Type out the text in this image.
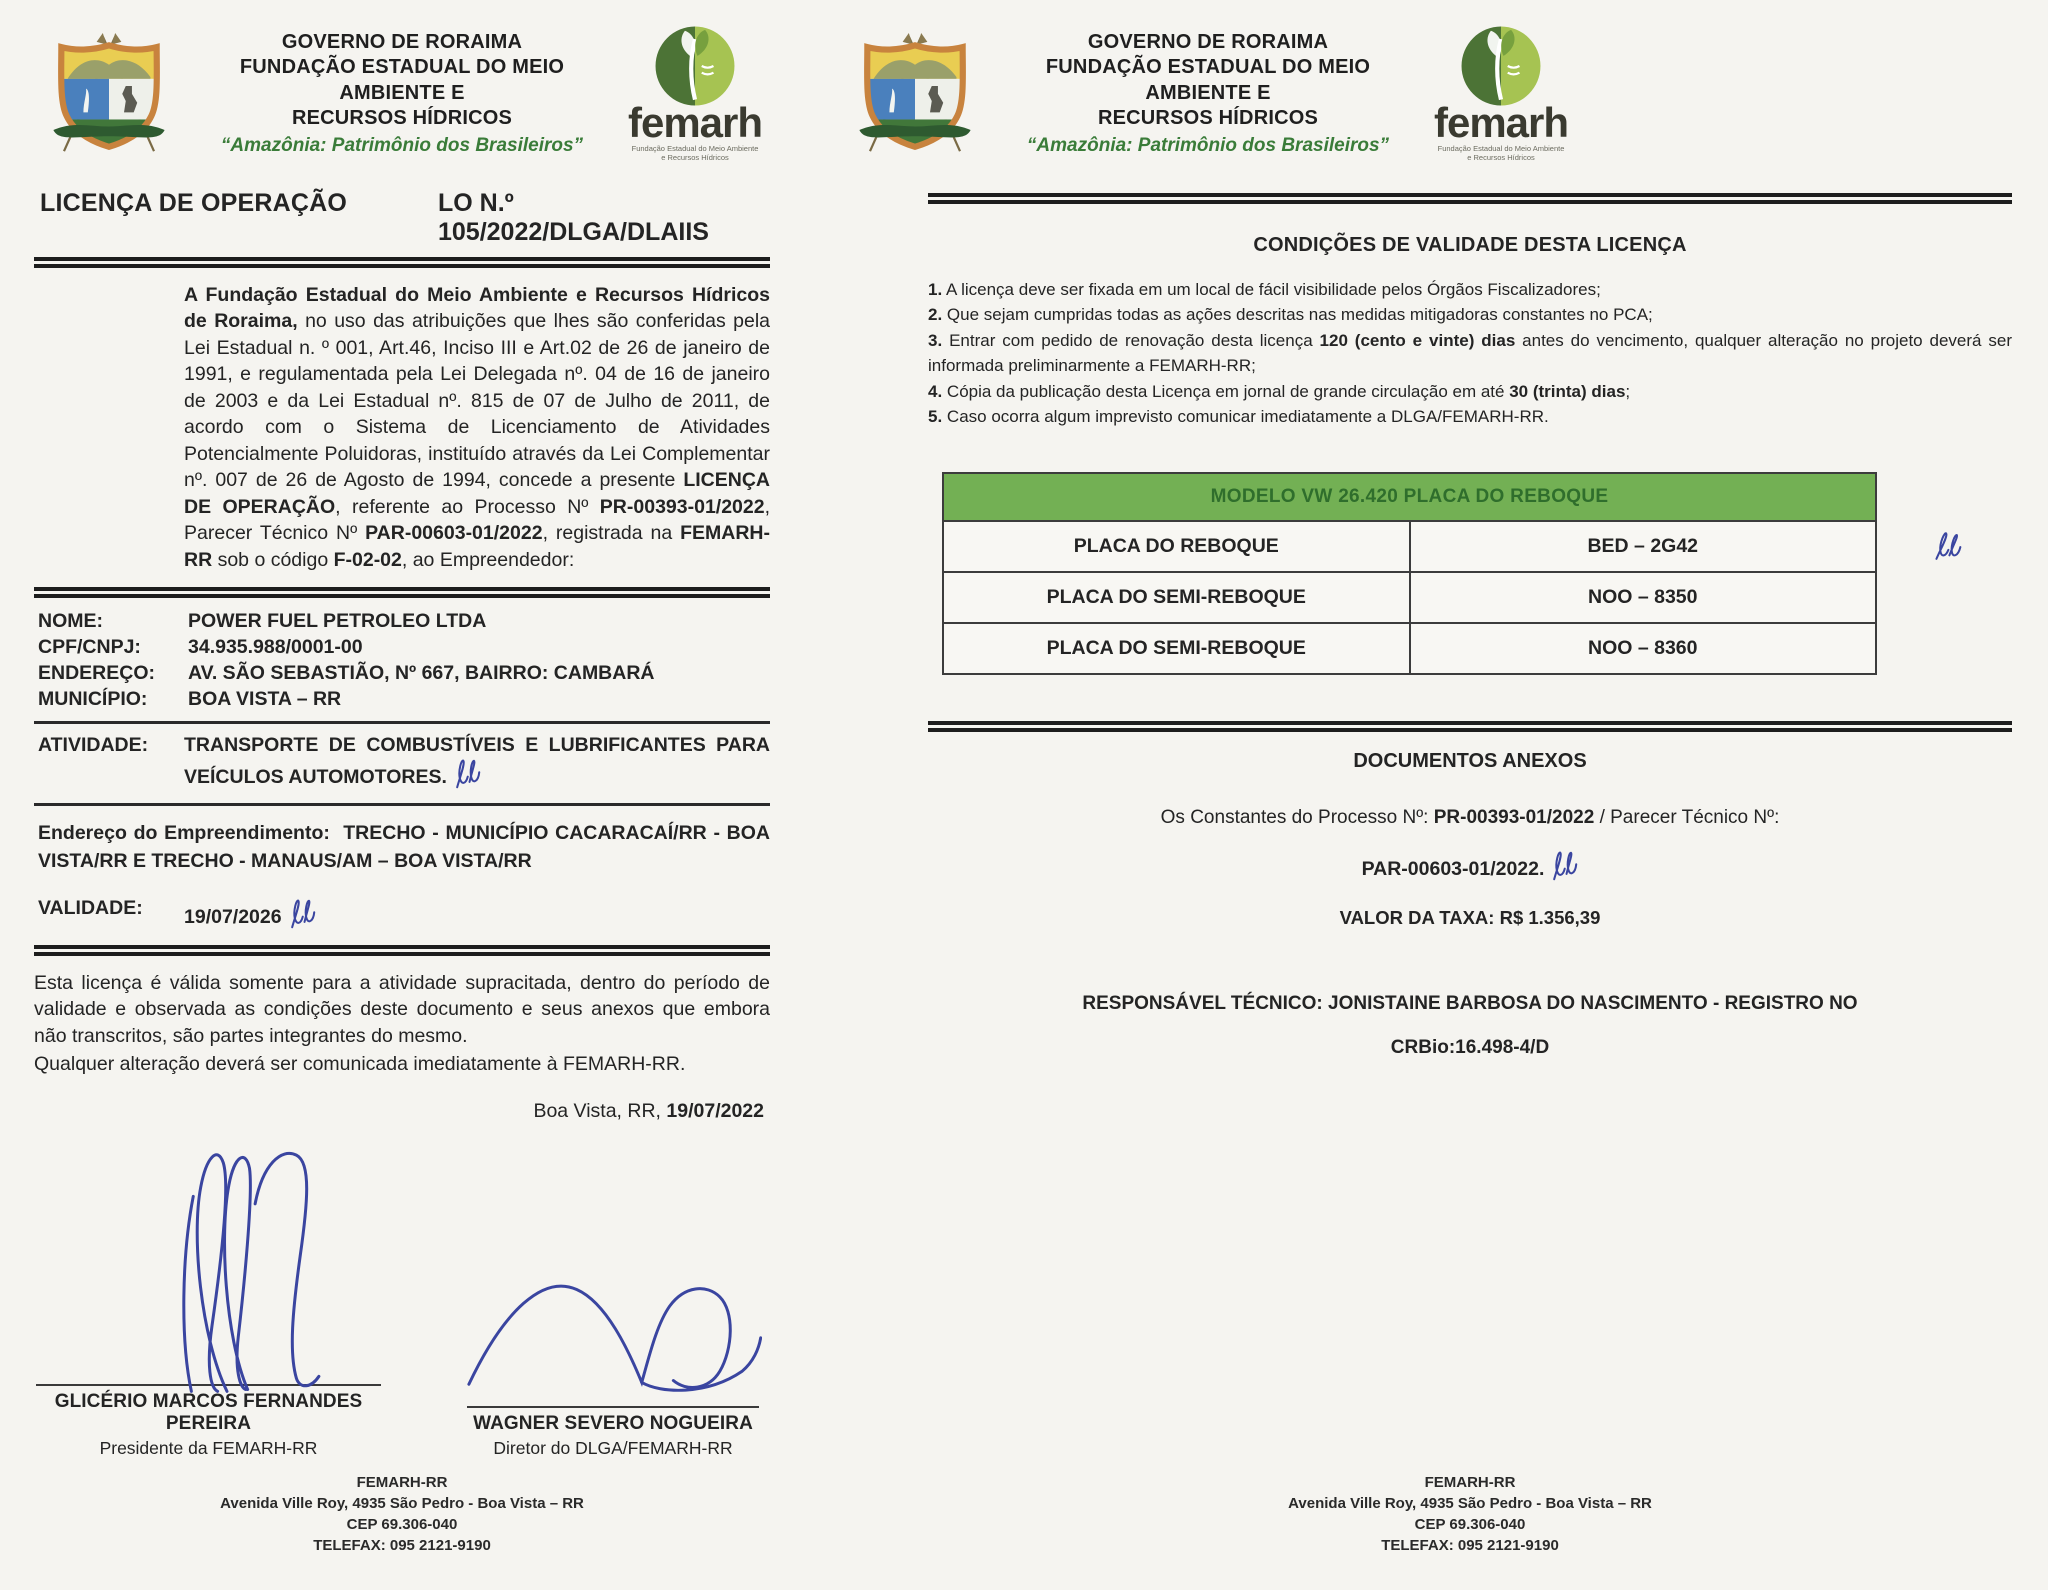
GOVERNO DE RORAIMA
FUNDAÇÃO ESTADUAL DO MEIO AMBIENTE E
RECURSOS HÍDRICOS
“Amazônia: Patrimônio dos Brasileiros”	femarh
Fundação Estadual do Meio Ambiente
e Recursos Hídricos
LICENÇA DE OPERAÇÃO	LO N.º 105/2022/DLGA/DLAIIS

A Fundação Estadual do Meio Ambiente e Recursos Hídricos de Roraima, no uso das atribuições que lhes são conferidas pela Lei Estadual n. º 001, Art.46, Inciso III e Art.02 de 26 de janeiro de 1991, e regulamentada pela Lei Delegada nº. 04 de 16 de janeiro de 2003 e da Lei Estadual nº. 815 de 07 de Julho de 2011, de acordo com o Sistema de Licenciamento de Atividades Potencialmente Poluidoras, instituído através da Lei Complementar nº. 007 de 26 de Agosto de 1994, concede a presente LICENÇA DE OPERAÇÃO, referente ao Processo Nº PR-00393-01/2022, Parecer Técnico Nº PAR-00603-01/2022, registrada na FEMARH-RR sob o código F-02-02, ao Empreendedor:

NOME:	POWER FUEL PETROLEO LTDA
CPF/CNPJ:	34.935.988/0001-00
ENDEREÇO:	AV. SÃO SEBASTIÃO, Nº 667, BAIRRO: CAMBARÁ
MUNICÍPIO:	BOA VISTA – RR
ATIVIDADE:	TRANSPORTE DE COMBUSTÍVEIS E LUBRIFICANTES PARA VEÍCULOS AUTOMOTORES.

Endereço do Empreendimento: TRECHO - MUNICÍPIO CACARACAÍ/RR - BOA VISTA/RR E TRECHO - MANAUS/AM – BOA VISTA/RR

VALIDADE:	19/07/2026

Esta licença é válida somente para a atividade supracitada, dentro do período de validade e observada as condições deste documento e seus anexos que embora não transcritos, são partes integrantes do mesmo.

Qualquer alteração deverá ser comunicada imediatamente à FEMARH-RR.

Boa Vista, RR, 19/07/2022
GLICÉRIO MARCOS FERNANDES PEREIRA
Presidente da FEMARH-RR
WAGNER SEVERO NOGUEIRA
Diretor do DLGA/FEMARH-RR
FEMARH-RR
Avenida Ville Roy, 4935 São Pedro - Boa Vista – RR
CEP 69.306-040
TELEFAX: 095 2121-9190
GOVERNO DE RORAIMA
FUNDAÇÃO ESTADUAL DO MEIO AMBIENTE E
RECURSOS HÍDRICOS
“Amazônia: Patrimônio dos Brasileiros”	femarh
Fundação Estadual do Meio Ambiente
e Recursos Hídricos
CONDIÇÕES DE VALIDADE DESTA LICENÇA

1. A licença deve ser fixada em um local de fácil visibilidade pelos Órgãos Fiscalizadores;

2. Que sejam cumpridas todas as ações descritas nas medidas mitigadoras constantes no PCA;

3. Entrar com pedido de renovação desta licença 120 (cento e vinte) dias antes do vencimento, qualquer alteração no projeto deverá ser informada preliminarmente a FEMARH-RR;

4. Cópia da publicação desta Licença em jornal de grande circulação em até 30 (trinta) dias;

5. Caso ocorra algum imprevisto comunicar imediatamente a DLGA/FEMARH-RR.

MODELO VW 26.420 PLACA DO REBOQUE	
PLACA DO REBOQUE	BED – 2G42
PLACA DO SEMI-REBOQUE	NOO – 8350
PLACA DO SEMI-REBOQUE	NOO – 8360
DOCUMENTOS ANEXOS
Os Constantes do Processo Nº: PR-00393-01/2022 / Parecer Técnico Nº:
PAR-00603-01/2022.
VALOR DA TAXA: R$ 1.356,39
RESPONSÁVEL TÉCNICO: JONISTAINE BARBOSA DO NASCIMENTO - REGISTRO NO
CRBio:16.498-4/D
FEMARH-RR
Avenida Ville Roy, 4935 São Pedro - Boa Vista – RR
CEP 69.306-040
TELEFAX: 095 2121-9190
